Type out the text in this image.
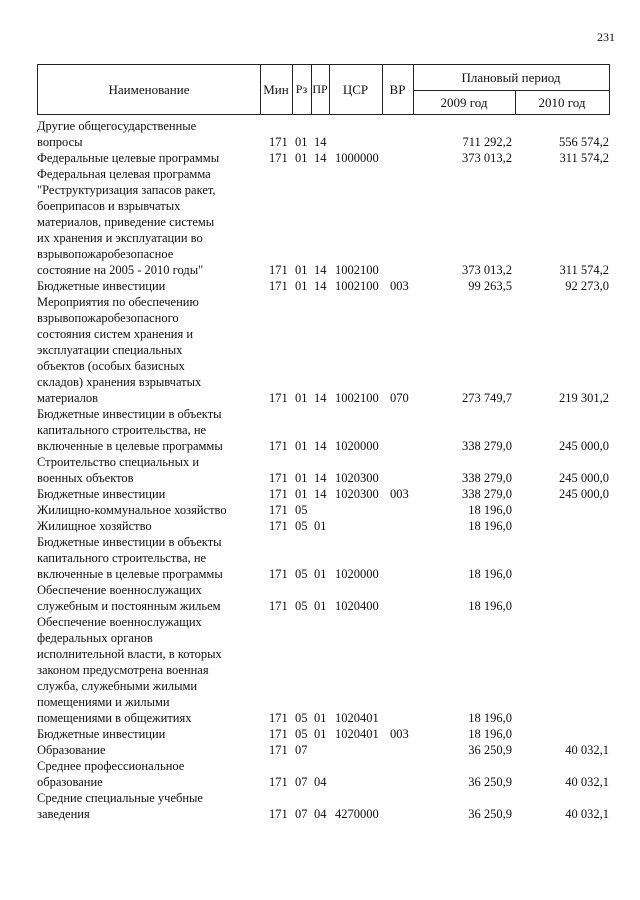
231
Наименование	Мин Рз ПР	ЦСР	ВР
Плановый период
2009 год	2010 год
Другие общегосударственные
вопросы	171 01 14	711 292,2	556 574,2
Федеральные целевые программы	171 01 14 1000000	373 013,2	311 574,2
Федеральная целевая программа
"Реструктуризация запасов ракет,
боеприпасов и взрывчатых
материалов, приведение системы
их хранения и эксплуатации во
взрывопожаробезопасное
состояние на 2005 - 2010 годы"	171 01 14 1002100	373 013,2	311 574,2
Бюджетные инвестиции	171 01 14 1002100 003	99 263,5	92 273,0
Мероприятия по обеспечению
взрывопожаробезопасного
состояния систем хранения и
эксплуатации специальных
объектов (особых базисных
складов) хранения взрывчатых
материалов	171 01 14 1002100 070	273 749,7	219 301,2
Бюджетные инвестиции в объекты
капитального строительства, не
включенные в целевые программы	171 01 14 1020000	338 279,0	245 000,0
Строительство специальных и
военных объектов	171 01 14 1020300	338 279,0	245 000,0
Бюджетные инвестиции	171 01 14 1020300 003	338 279,0	245 000,0
Жилищно-коммунальное хозяйство	171 05	18 196,0
Жилищное хозяйство	171 05 01	18 196,0
Бюджетные инвестиции в объекты
капитального строительства, не
включенные в целевые программы	171 05 01 1020000	18 196,0
Обеспечение военнослужащих
служебным и постоянным жильем	171 05 01 1020400	18 196,0
Обеспечение военнослужащих
федеральных органов
исполнительной власти, в которых
законом предусмотрена военная
служба, служебными жилыми
помещениями и жилыми
помещениями в общежитиях	171 05 01 1020401	18 196,0
Бюджетные инвестиции	171 05 01 1020401 003	18 196,0
Образование	171 07	36 250,9	40 032,1
Среднее профессиональное
образование	171 07 04	36 250,9	40 032,1
Средние специальные учебные
заведения	171 07 04 4270000	36 250,9	40 032,1
